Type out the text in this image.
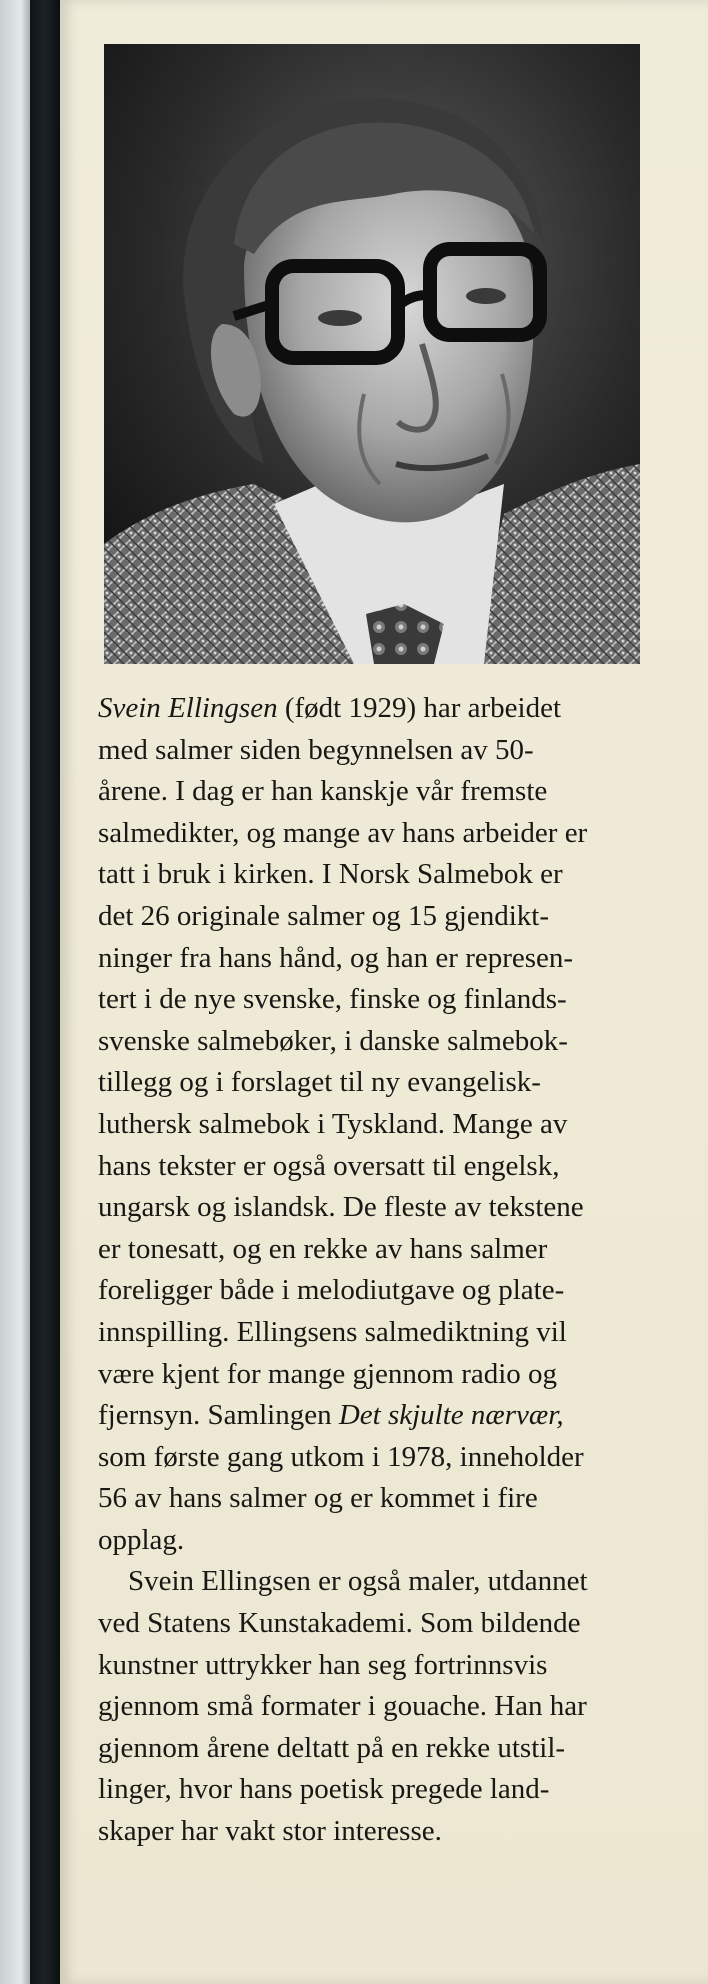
Svein Ellingsen (født 1929) har arbeidet
med salmer siden begynnelsen av 50-
årene. I dag er han kanskje vår fremste
salmedikter, og mange av hans arbeider er
tatt i bruk i kirken. I Norsk Salmebok er
det 26 originale salmer og 15 gjendikt-
ninger fra hans hånd, og han er represen-
tert i de nye svenske, finske og finlands-
svenske salmebøker, i danske salmebok-
tillegg og i forslaget til ny evangelisk-
luthersk salmebok i Tyskland. Mange av
hans tekster er også oversatt til engelsk,
ungarsk og islandsk. De fleste av tekstene
er tonesatt, og en rekke av hans salmer
foreligger både i melodiutgave og plate-
innspilling. Ellingsens salmediktning vil
være kjent for mange gjennom radio og
fjernsyn. Samlingen Det skjulte nærvær,
som første gang utkom i 1978, inneholder
56 av hans salmer og er kommet i fire
opplag.
Svein Ellingsen er også maler, utdannet
ved Statens Kunstakademi. Som bildende
kunstner uttrykker han seg fortrinnsvis
gjennom små formater i gouache. Han har
gjennom årene deltatt på en rekke utstil-
linger, hvor hans poetisk pregede land-
skaper har vakt stor interesse.
